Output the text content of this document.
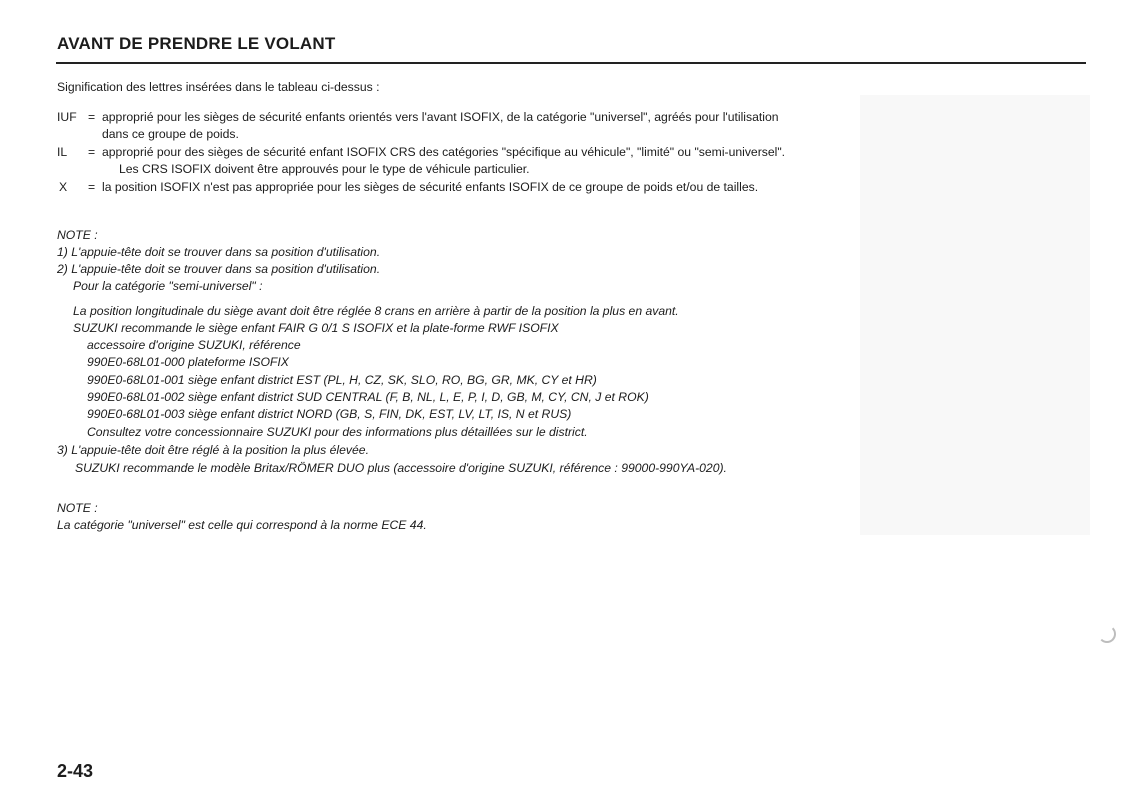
AVANT DE PRENDRE LE VOLANT
Signification des lettres insérées dans le tableau ci-dessus :
IUF = approprié pour les sièges de sécurité enfants orientés vers l'avant ISOFIX, de la catégorie "universel", agréés pour l'utilisation
dans ce groupe de poids.
IL	= approprié pour des sièges de sécurité enfant ISOFIX CRS des catégories "spécifique au véhicule", "limité" ou "semi-universel".
Les CRS ISOFIX doivent être approuvés pour le type de véhicule particulier.
X	= la position ISOFIX n'est pas appropriée pour les sièges de sécurité enfants ISOFIX de ce groupe de poids et/ou de tailles.
NOTE :
1) L'appuie-tête doit se trouver dans sa position d'utilisation.
2) L'appuie-tête doit se trouver dans sa position d'utilisation.
Pour la catégorie "semi-universel" :
La position longitudinale du siège avant doit être réglée 8 crans en arrière à partir de la position la plus en avant.
SUZUKI recommande le siège enfant FAIR G 0/1 S ISOFIX et la plate-forme RWF ISOFIX
accessoire d'origine SUZUKI, référence
990E0-68L01-000 plateforme ISOFIX
990E0-68L01-001 siège enfant district EST (PL, H, CZ, SK, SLO, RO, BG, GR, MK, CY et HR)
990E0-68L01-002 siège enfant district SUD CENTRAL (F, B, NL, L, E, P, I, D, GB, M, CY, CN, J et ROK)
990E0-68L01-003 siège enfant district NORD (GB, S, FIN, DK, EST, LV, LT, IS, N et RUS)
Consultez votre concessionnaire SUZUKI pour des informations plus détaillées sur le district.
3) L'appuie-tête doit être réglé à la position la plus élevée.
SUZUKI recommande le modèle Britax/RÖMER DUO plus (accessoire d'origine SUZUKI, référence : 99000-990YA-020).
NOTE :
La catégorie "universel" est celle qui correspond à la norme ECE 44.
2-43
